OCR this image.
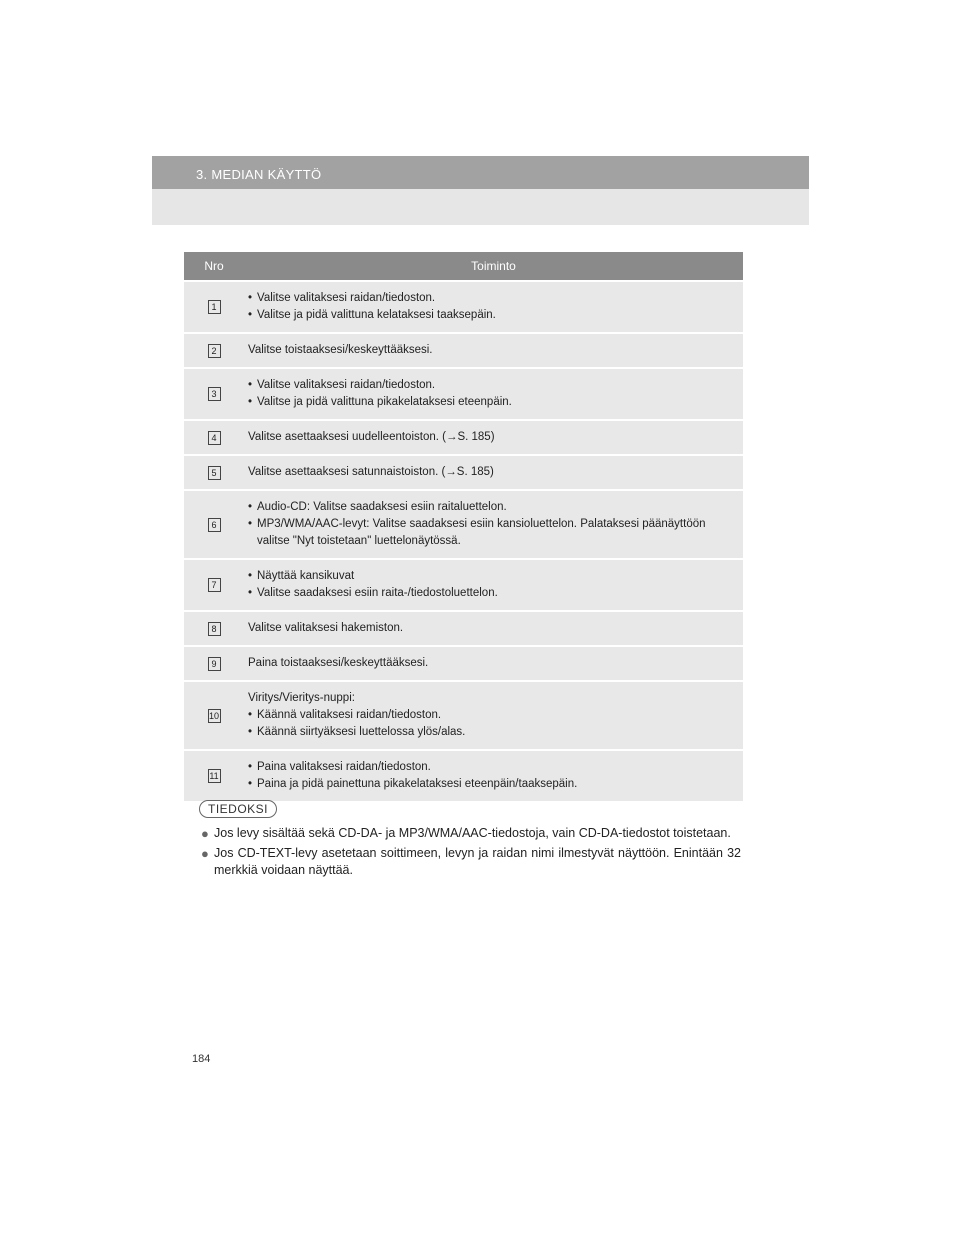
3. MEDIAN KÄYTTÖ
Nro	Toiminto
1	• Valitse valitaksesi raidan/tiedoston.
• Valitse ja pidä valittuna kelataksesi taaksepäin.

2	Valitse toistaaksesi/keskeyttääksesi.

3	• Valitse valitaksesi raidan/tiedoston.
• Valitse ja pidä valittuna pikakelataksesi eteenpäin.

4	Valitse asettaaksesi uudelleentoiston. (→S. 185)

5	Valitse asettaaksesi satunnaistoiston. (→S. 185)

6	• Audio-CD: Valitse saadaksesi esiin raitaluettelon.
• MP3/WMA/AAC-levyt: Valitse saadaksesi esiin kansioluettelon. Palataksesi päänäyttöön valitse "Nyt toistetaan" luettelonäytössä.

7	• Näyttää kansikuvat
• Valitse saadaksesi esiin raita-/tiedostoluettelon.

8	Valitse valitaksesi hakemiston.

9	Paina toistaaksesi/keskeyttääksesi.

10	Viritys/Vieritys-nuppi:
• Käännä valitaksesi raidan/tiedoston.
• Käännä siirtyäksesi luettelossa ylös/alas.

11	• Paina valitaksesi raidan/tiedoston.
• Paina ja pidä painettuna pikakelataksesi eteenpäin/taaksepäin.
TIEDOKSI
● Jos levy sisältää sekä CD-DA- ja MP3/WMA/AAC-tiedostoja, vain CD-DA-tiedostot toistetaan.
● Jos CD-TEXT-levy asetetaan soittimeen, levyn ja raidan nimi ilmestyvät näyttöön. Enintään 32 merkkiä voidaan näyttää.
184
